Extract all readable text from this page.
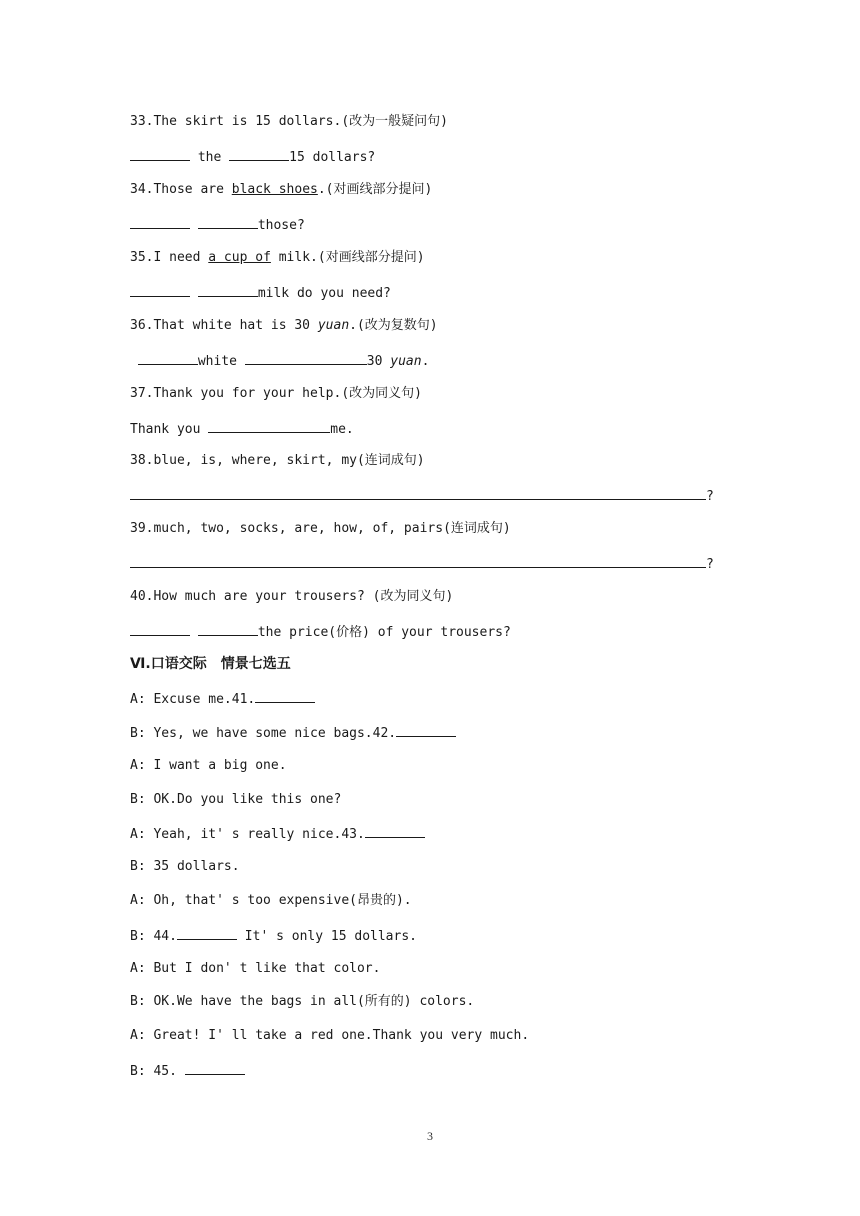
33.The skirt is 15 dollars.(改为一般疑问句)
the	15 dollars?
34.Those are black shoes.(对画线部分提问)
those?
35.I need a cup of milk.(对画线部分提问)
milk do you need?
36.That white hat is 30 yuan.(改为复数句)
white	30 yuan.
37.Thank you for your help.(改为同义句)
Thank you	me.
38.blue, is, where, skirt, my(连词成句)
?
39.much, two, socks, are, how, of, pairs(连词成句)
?
40.How much are your trousers? (改为同义句)
the price(价格) of your trousers?
Ⅵ.口语交际　情景七选五
A: Excuse me.41.
B: Yes, we have some nice bags.42.
A: I want a big one.
B: OK.Do you like this one?
A: Yeah, it' s really nice.43.
B: 35 dollars.
A: Oh, that' s too expensive(昂贵的).
B: 44.	It' s only 15 dollars.
A: But I don' t like that color.
B: OK.We have the bags in all(所有的) colors.
A: Great! I' ll take a red one.Thank you very much.
B: 45.
3
